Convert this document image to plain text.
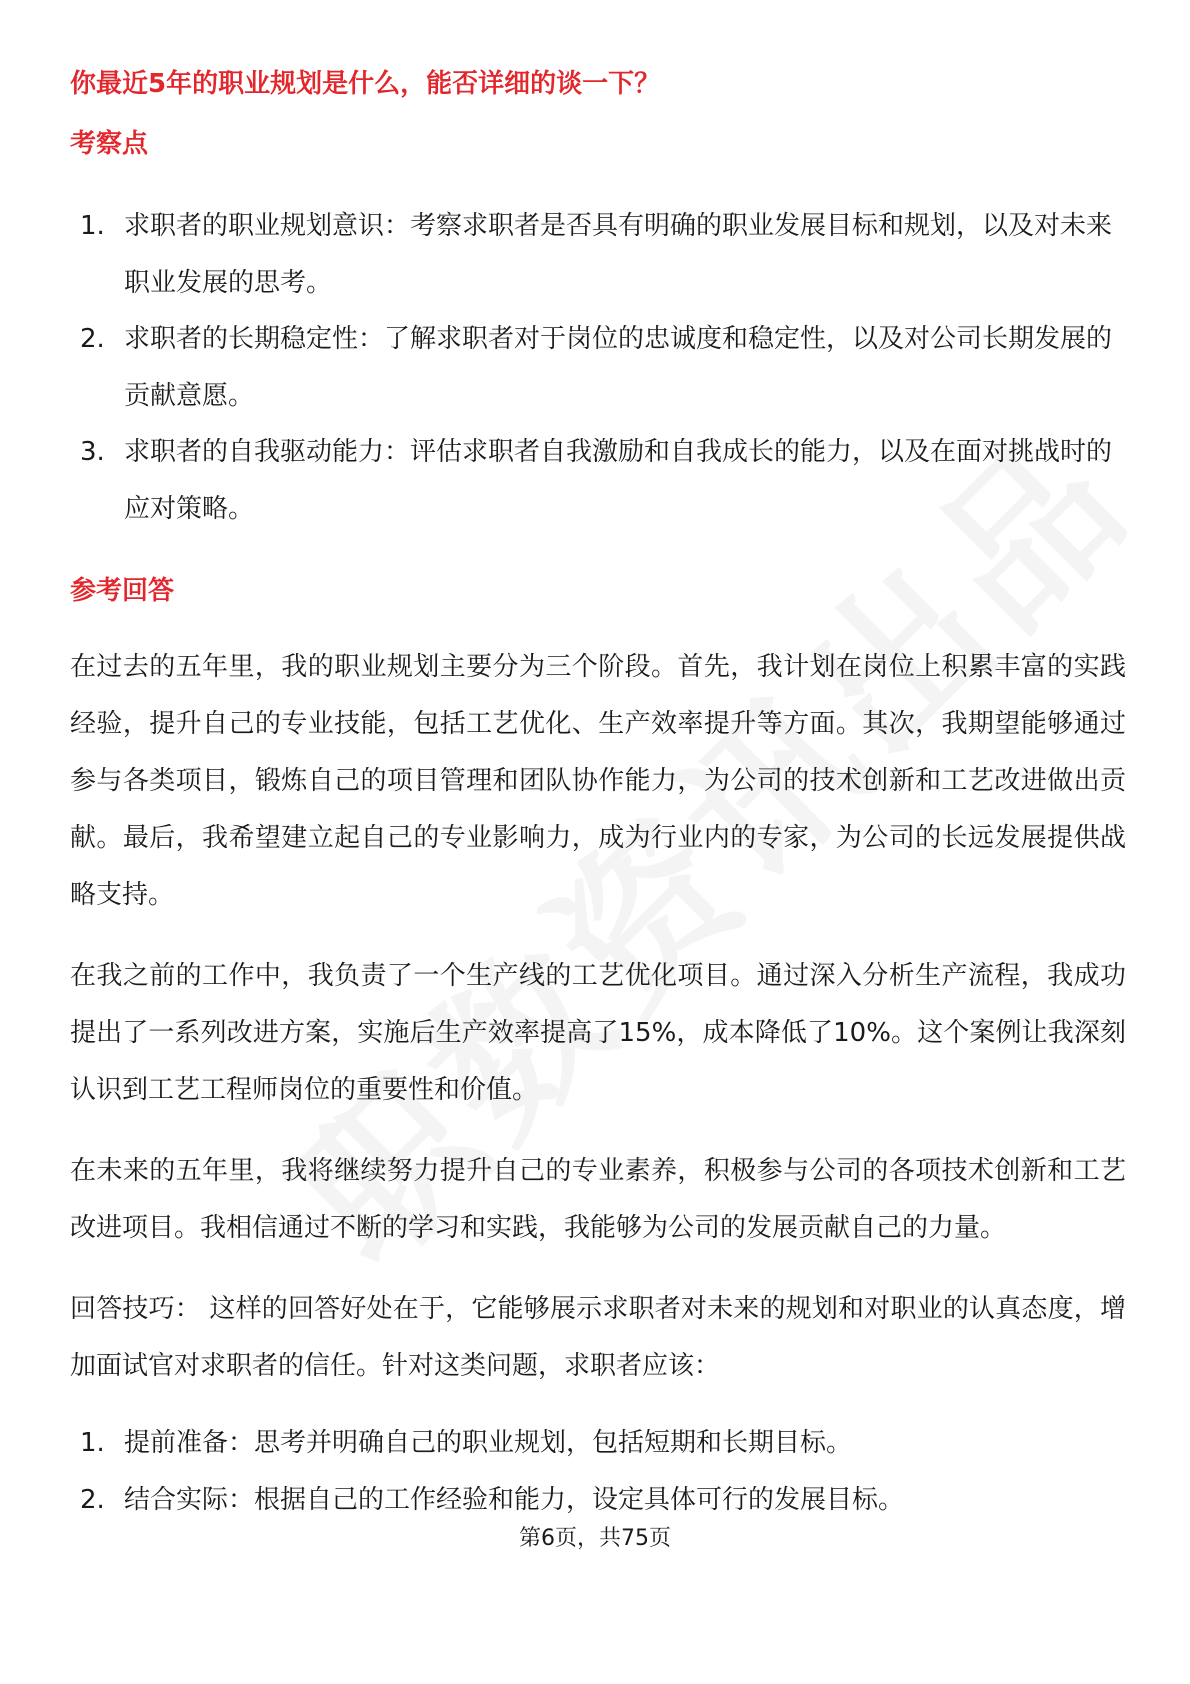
你最近5年的职业规划是什么，能否详细的谈一下？
考察点
1. 求职者的职业规划意识：考察求职者是否具有明确的职业发展目标和规划，以及对未来职业发展的思考。
2. 求职者的长期稳定性：了解求职者对于岗位的忠诚度和稳定性，以及对公司长期发展的贡献意愿。
3. 求职者的自我驱动能力：评估求职者自我激励和自我成长的能力，以及在面对挑战时的应对策略。
参考回答

在过去的五年里，我的职业规划主要分为三个阶段。首先，我计划在岗位上积累丰富的实践经验，提升自己的专业技能，包括工艺优化、生产效率提升等方面。其次，我期望能够通过参与各类项目，锻炼自己的项目管理和团队协作能力，为公司的技术创新和工艺改进做出贡献。最后，我希望建立起自己的专业影响力，成为行业内的专家，为公司的长远发展提供战略支持。

在我之前的工作中，我负责了一个生产线的工艺优化项目。通过深入分析生产流程，我成功提出了一系列改进方案，实施后生产效率提高了15%，成本降低了10%。这个案例让我深刻认识到工艺工程师岗位的重要性和价值。

在未来的五年里，我将继续努力提升自己的专业素养，积极参与公司的各项技术创新和工艺改进项目。我相信通过不断的学习和实践，我能够为公司的发展贡献自己的力量。

回答技巧： 这样的回答好处在于，它能够展示求职者对未来的规划和对职业的认真态度，增加面试官对求职者的信任。针对这类问题，求职者应该：

1. 提前准备：思考并明确自己的职业规划，包括短期和长期目标。
2. 结合实际：根据自己的工作经验和能力，设定具体可行的发展目标。
第6页，共75页
